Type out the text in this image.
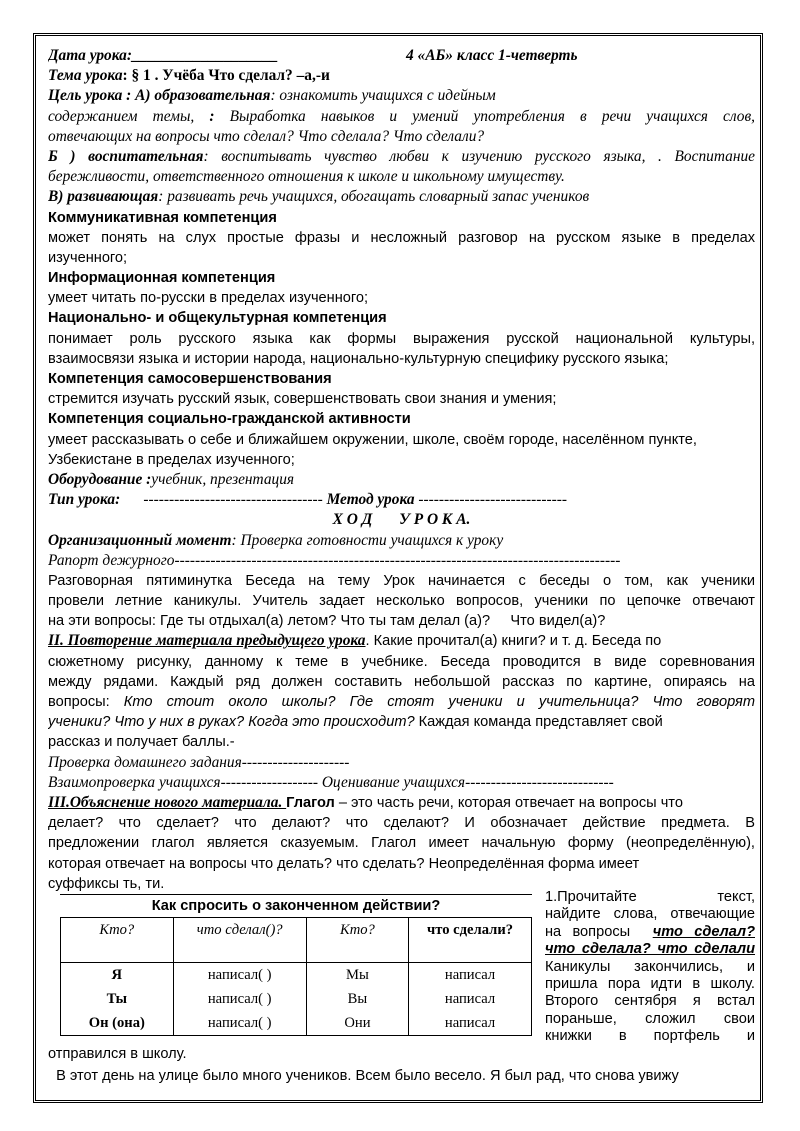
Дата урока:___________________	4 «АБ» класс 1-четверть
Тема урока: § 1 . Учёба Что сделал? –а,-и
Цель урока : А) образовательная: ознакомить учащихся с идейным
содержанием темы, : Выработка навыков и умений употребления в речи учащихся слов,
отвечающих на вопросы что сделал? Что сделала? Что сделали?
Б ) воспитательная: воспитывать чувство любви к изучению русского языка, . Воспитание
бережливости, ответственного отношения к школе и школьному имуществу.
В) развивающая: развивать речь учащихся, обогащать словарный запас учеников
Коммуникативная компетенция
может понять на слух простые фразы и несложный разговор на русском языке в пределах
изученного;
Информационная компетенция
умеет читать по-русски в пределах изученного;
Национально- и общекультурная компетенция
понимает роль русского языка как формы выражения русской национальной культуры,
взаимосвязи языка и истории народа, национально-культурную специфику русского языка;
Компетенция самосовершенствования
стремится изучать русский язык, совершенствовать свои знания и умения;
Компетенция социально-гражданской активности
умеет рассказывать о себе и ближайшем окружении, школе, своём городе, населённом пункте,
Узбекистане в пределах изученного;
Оборудование :учебник, презентация
Тип урока:      ----------------------------------- Метод урока -----------------------------
Х О Д       У Р О К А.
Организационный момент: Проверка готовности учащихся к уроку
Рапорт дежурного---------------------------------------------------------------------------------------
Разговорная пятиминутка Беседа на тему Урок начинается с беседы о том, как ученики
провели летние каникулы. Учитель задает несколько вопросов, ученики по цепочке отвечают
на эти вопросы: Где ты отдыхал(а) летом? Что ты там делал (а)?     Что видел(а)?
II. Повторение материала предыдущего урока. Какие прочитал(а) книги? и т. д. Беседа по
сюжетному рисунку, данному к теме в учебнике. Беседа проводится в виде соревнования
между рядами. Каждый ряд должен составить небольшой рассказ по картине, опираясь на
вопросы: Кто стоит около школы? Где стоят ученики и учительница? Что говорят
ученики? Что у них в руках? Когда это происходит? Каждая команда представляет свой
рассказ и получает баллы.-
Проверка домашнего задания---------------------
Взаимопроверка учащихся------------------- Оценивание учащихся-----------------------------
III.Объяснение нового материала. Глагол – это часть речи, которая отвечает на вопросы что
делает? что сделает? что делают? что сделают? И обозначает действие предмета. В
предложении глагол является сказуемым. Глагол имеет начальную форму (неопределённую),
которая отвечает на вопросы что делать? что сделать? Неопределённая форма имеет
суффиксы ть, ти.
Как спросить о законченном действии?
Кто?	что сделал()?	Кто?	что сделали?
Я	написал( )	Мы	написал
Ты	написал( )	Вы	написал
Он (она)	написал( )	Они	написал
1.Прочитайте          текст,
найдите слова, отвечающие
на вопросы  что сделал?
что сделала? что сделали
Каникулы закончились, и
пришла пора идти в школу.
Второго сентября я встал
пораньше, сложил свои
книжки    в    портфель    и
отправился в школу.
В этот день на улице было много учеников. Всем было весело. Я был рад, что снова увижу
